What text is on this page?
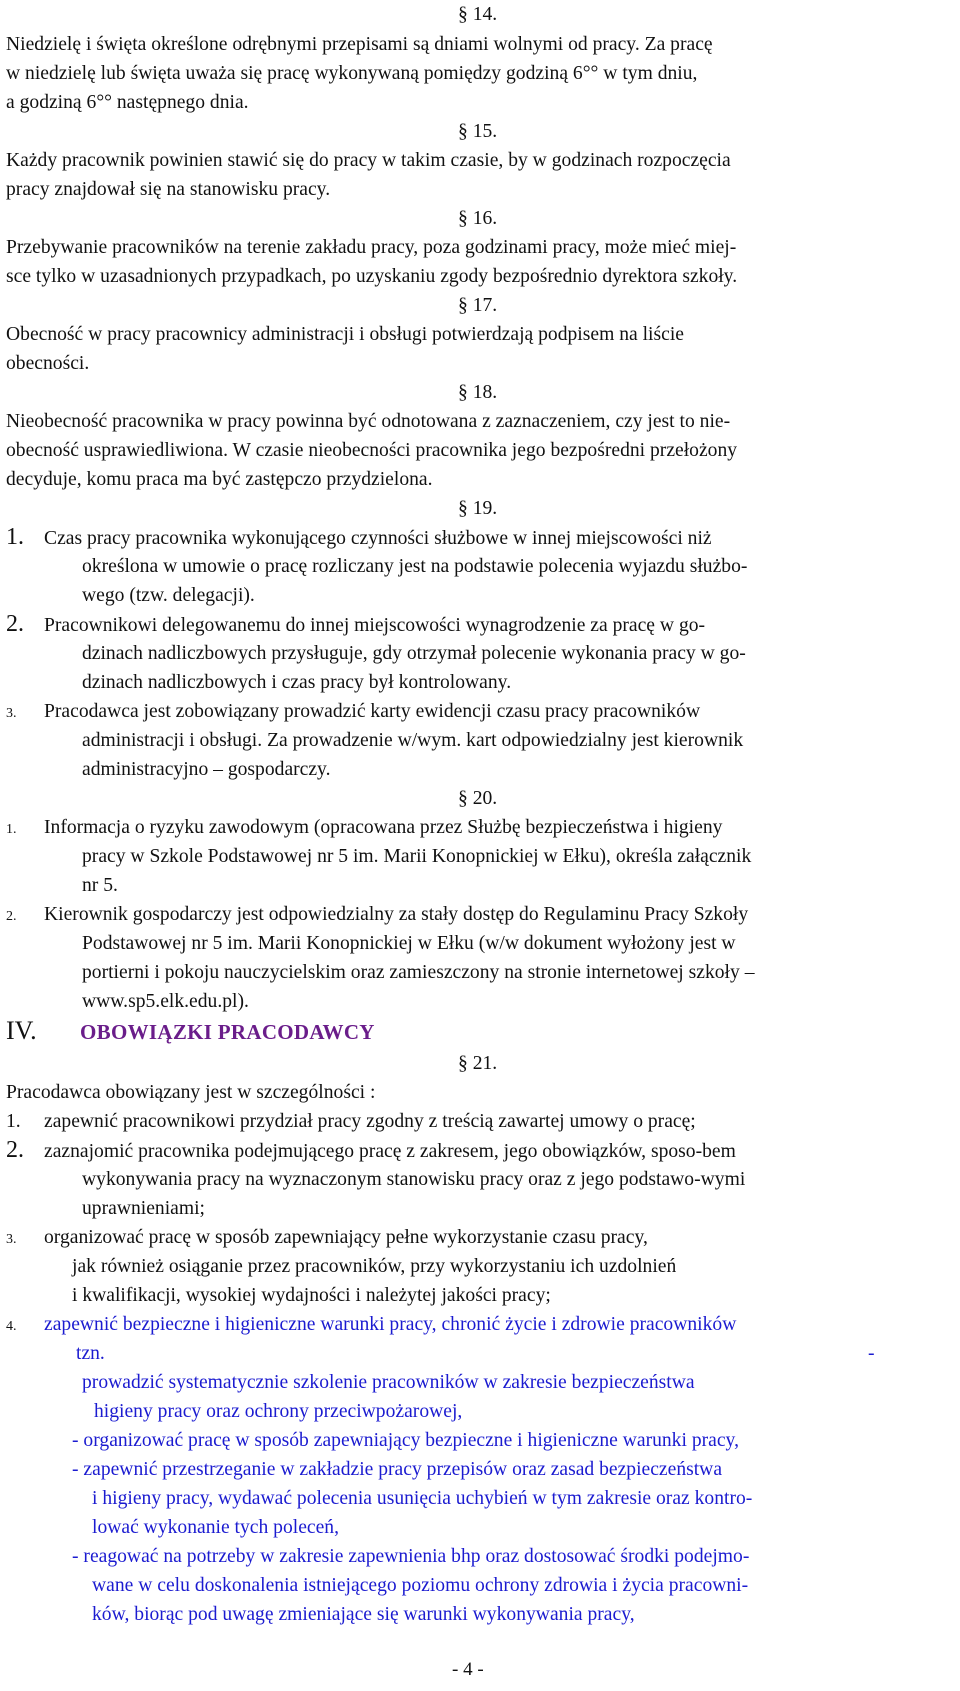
§ 14.
Niedzielę i święta określone odrębnymi przepisami są dniami wolnymi od pracy. Za pracę
w niedzielę lub święta uważa się pracę wykonywaną pomiędzy godziną 6°° w tym dniu,
a godziną 6°° następnego dnia.
§ 15.
Każdy pracownik powinien stawić się do pracy w takim czasie, by w godzinach rozpoczęcia
pracy znajdował się na stanowisku pracy.
§ 16.
Przebywanie pracowników na terenie zakładu pracy, poza godzinami pracy, może mieć miej-
sce tylko w uzasadnionych przypadkach, po uzyskaniu zgody bezpośrednio dyrektora szkoły.
§ 17.
Obecność w pracy pracownicy administracji i obsługi potwierdzają podpisem na liście
obecności.
§ 18.
Nieobecność pracownika w pracy powinna być odnotowana z zaznaczeniem, czy jest to nie-
obecność usprawiedliwiona. W czasie nieobecności pracownika jego bezpośredni przełożony
decyduje, komu praca ma być zastępczo przydzielona.
§ 19.
1. Czas pracy pracownika wykonującego czynności służbowe w innej miejscowości niż
określona w umowie o pracę rozliczany jest na podstawie polecenia wyjazdu służbo-
wego (tzw. delegacji).
2. Pracownikowi delegowanemu do innej miejscowości wynagrodzenie za pracę w go-
dzinach nadliczbowych przysługuje, gdy otrzymał polecenie wykonania pracy w go-
dzinach nadliczbowych i czas pracy był kontrolowany.
3. Pracodawca jest zobowiązany prowadzić karty ewidencji czasu pracy pracowników
administracji i obsługi. Za prowadzenie w/wym. kart odpowiedzialny jest kierownik
administracyjno – gospodarczy.
§ 20.
1. Informacja o ryzyku zawodowym (opracowana przez Służbę bezpieczeństwa i higieny
pracy w Szkole Podstawowej nr 5 im. Marii Konopnickiej w Ełku), określa załącznik
nr 5.
2. Kierownik gospodarczy jest odpowiedzialny za stały dostęp do Regulaminu Pracy Szkoły
Podstawowej nr 5 im. Marii Konopnickiej w Ełku (w/w dokument wyłożony jest w
portierni i pokoju nauczycielskim oraz zamieszczony na stronie internetowej szkoły –
www.sp5.elk.edu.pl).
IV. OBOWIĄZKI PRACODAWCY
§ 21.
Pracodawca obowiązany jest w szczególności :
1. zapewnić pracownikowi przydział pracy zgodny z treścią zawartej umowy o pracę;
2. zaznajomić pracownika podejmującego pracę z zakresem, jego obowiązków, sposo-bem
wykonywania pracy na wyznaczonym stanowisku pracy oraz z jego podstawo-wymi
uprawnieniami;
3. organizować pracę w sposób zapewniający pełne wykorzystanie czasu pracy,
jak również osiąganie przez pracowników, przy wykorzystaniu ich uzdolnień
i kwalifikacji, wysokiej wydajności i należytej jakości pracy;
4. zapewnić bezpieczne i higieniczne warunki pracy, chronić życie i zdrowie pracowników
tzn.	-
prowadzić systematycznie szkolenie pracowników w zakresie bezpieczeństwa
higieny pracy oraz ochrony przeciwpożarowej,
- organizować pracę w sposób zapewniający bezpieczne i higieniczne warunki pracy,
- zapewnić przestrzeganie w zakładzie pracy przepisów oraz zasad bezpieczeństwa
i higieny pracy, wydawać polecenia usunięcia uchybień w tym zakresie oraz kontro-
lować wykonanie tych poleceń,
- reagować na potrzeby w zakresie zapewnienia bhp oraz dostosować środki podejmo-
wane w celu doskonalenia istniejącego poziomu ochrony zdrowia i życia pracowni-
ków, biorąc pod uwagę zmieniające się warunki wykonywania pracy,
- 4 -
